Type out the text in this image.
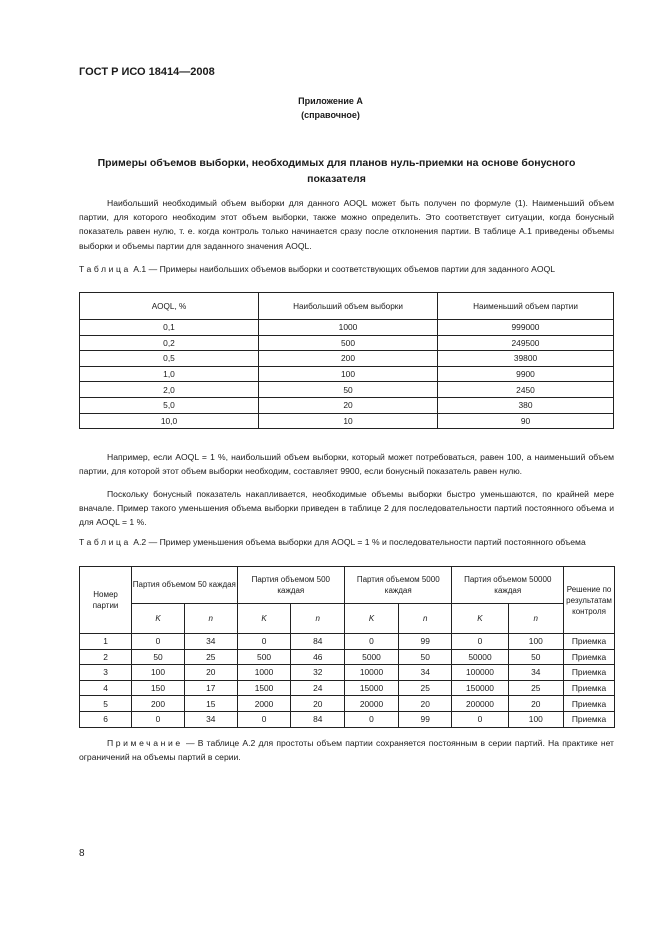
ГОСТ Р ИСО 18414—2008
Приложение А
(справочное)
Примеры объемов выборки, необходимых для планов нуль-приемки на основе бонусного показателя
Наибольший необходимый объем выборки для данного AOQL может быть получен по формуле (1). Наименьший объем партии, для которого необходим этот объем выборки, также можно определить. Это соответствует ситуации, когда бонусный показатель равен нулю, т. е. когда контроль только начинается сразу после отклонения партии. В таблице А.1 приведены объемы выборки и объемы партии для заданного значения AOQL.
Таблица А.1 — Примеры наибольших объемов выборки и соответствующих объемов партии для заданного AOQL
AOQL, %	Наибольший объем выборки	Наименьший объем партии
0,1	1000	999000
0,2	500	249500
0,5	200	39800
1,0	100	9900
2,0	50	2450
5,0	20	380
10,0	10	90
Например, если AOQL = 1 %, наибольший объем выборки, который может потребоваться, равен 100, а наименьший объем партии, для которой этот объем выборки необходим, составляет 9900, если бонусный показатель равен нулю.
Поскольку бонусный показатель накапливается, необходимые объемы выборки быстро уменьшаются, по крайней мере вначале. Пример такого уменьшения объема выборки приведен в таблице 2 для последовательности партий постоянного объема и для AOQL = 1 %.
Таблица А.2 — Пример уменьшения объема выборки для AOQL = 1 % и последовательности партий постоянного объема
Номер партии	Партия объемом 50 каждая		Партия объемом 500 каждая		Партия объемом 5000 каждая		Партия объемом 50000 каждая		Решение по результатам контроля
	K	n	K	n	K	n	K	n	
1	0	34	0	84	0	99	0	100	Приемка
2	50	25	500	46	5000	50	50000	50	Приемка
3	100	20	1000	32	10000	34	100000	34	Приемка
4	150	17	1500	24	15000	25	150000	25	Приемка
5	200	15	2000	20	20000	20	200000	20	Приемка
6	0	34	0	84	0	99	0	100	Приемка
Примечание — В таблице А.2 для простоты объем партии сохраняется постоянным в серии партий. На практике нет ограничений на объемы партий в серии.
8
